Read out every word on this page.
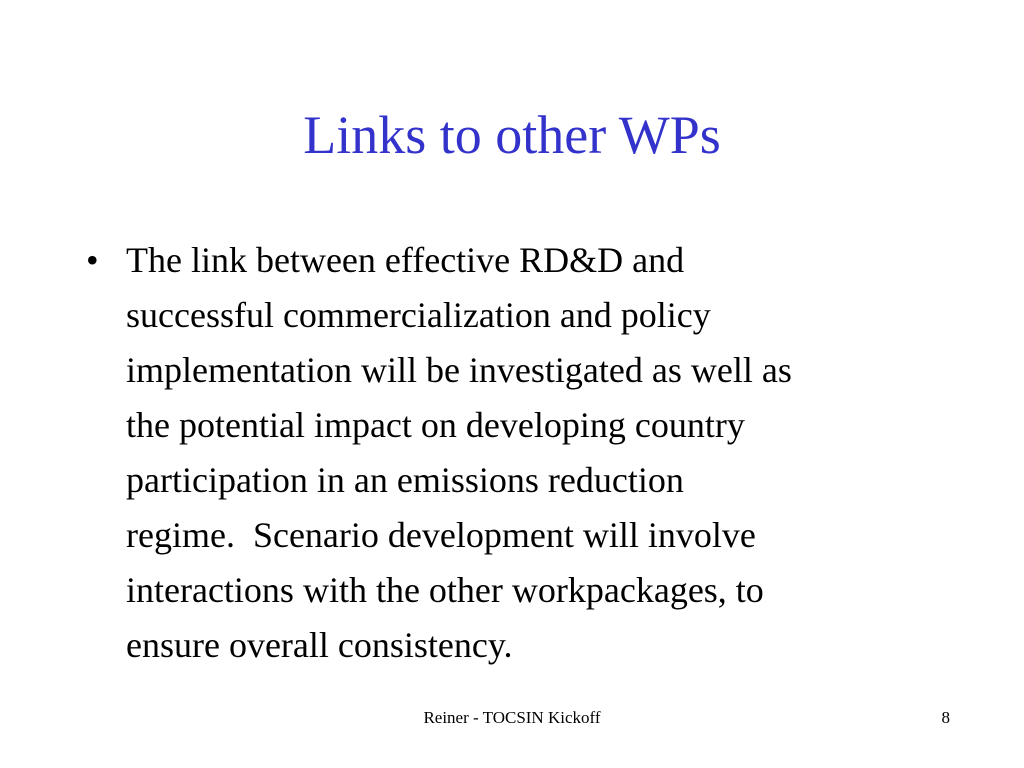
Links to other WPs
• The link between effective RD&D and
successful commercialization and policy
implementation will be investigated as well as
the potential impact on developing country
participation in an emissions reduction
regime.  Scenario development will involve
interactions with the other workpackages, to
ensure overall consistency.
Reiner - TOCSIN Kickoff	8
